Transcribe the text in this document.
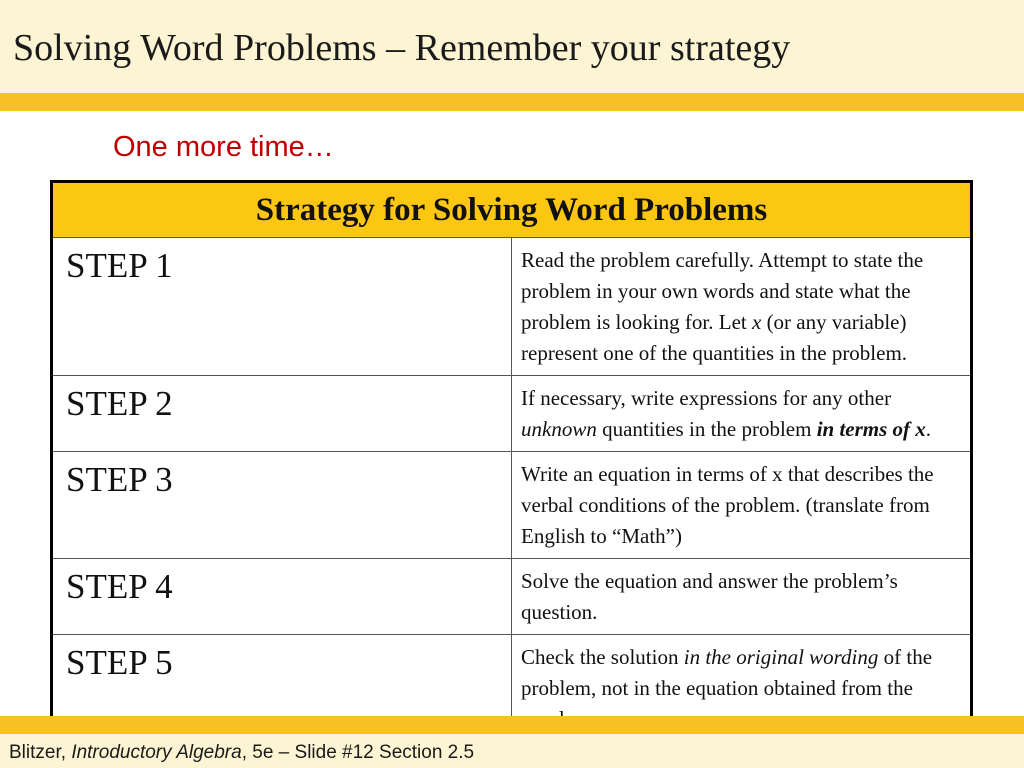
Solving Word Problems – Remember your strategy
One more time…
Strategy for Solving Word Problems	
STEP 1	Read the problem carefully. Attempt to state the problem in your own words and state what the problem is looking for. Let x (or any variable) represent one of the quantities in the problem.
STEP 2	If necessary, write expressions for any other unknown quantities in the problem in terms of x.
STEP 3	Write an equation in terms of x that describes the verbal conditions of the problem. (translate from English to “Math”)
STEP 4	Solve the equation and answer the problem’s question.
STEP 5	Check the solution in the original wording of the problem, not in the equation obtained from the
Blitzer, Introductory Algebra, 5e – Slide #12 Section 2.5
